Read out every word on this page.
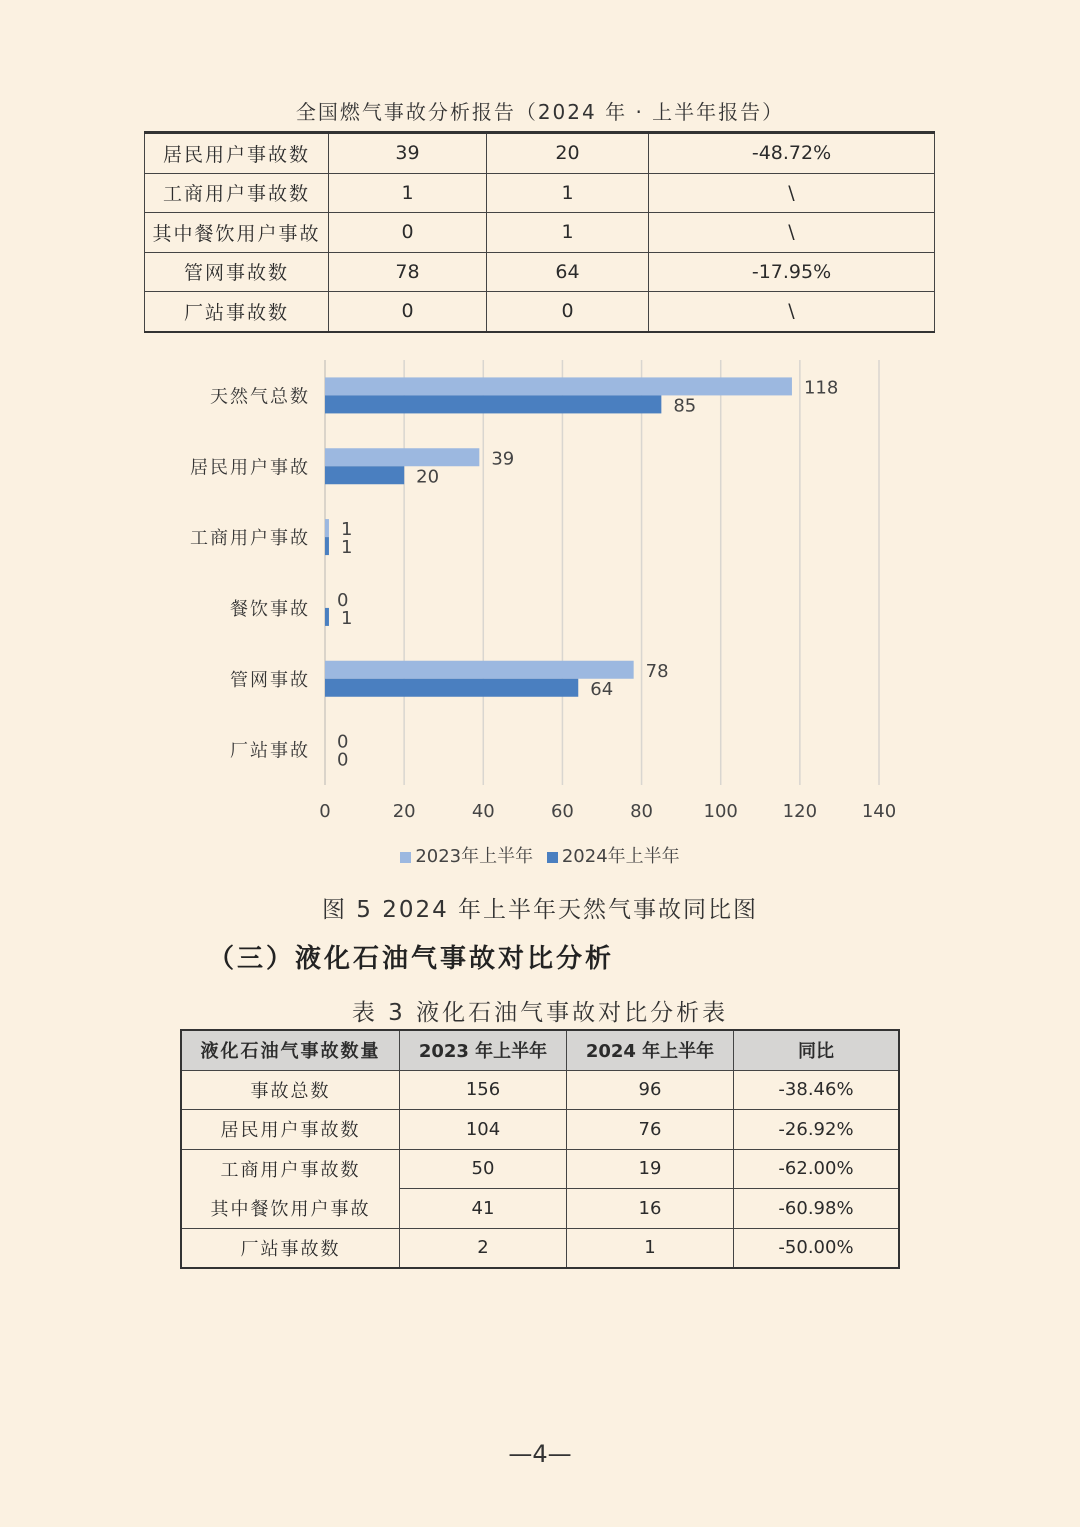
全国燃气事故分析报告（2024 年 · 上半年报告）
居民用户事故数	39	20	-48.72%
工商用户事故数	1	1	\
其中餐饮用户事故	0	1	\
管网事故数	78	64	-17.95%
厂站事故数	0	0	\
0	20	40	60	80	100 120 140
天然气总数	118
85
居民用户事故	39
20
工商用户事故 1
1
餐饮事故 0
1
管网事故	78
64
厂站事故 0
0
2023年上半年 2024年上半年
图 5 2024 年上半年天然气事故同比图
（三）液化石油气事故对比分析
表 3 液化石油气事故对比分析表
液化石油气事故数量	2023 年上半年	2024 年上半年	同比
事故总数	156	96	-38.46%
居民用户事故数	104	76	-26.92%
工商用户事故数	50	19	-62.00%
其中餐饮用户事故	41	16	-60.98%
厂站事故数	2	1	-50.00%
—4—
